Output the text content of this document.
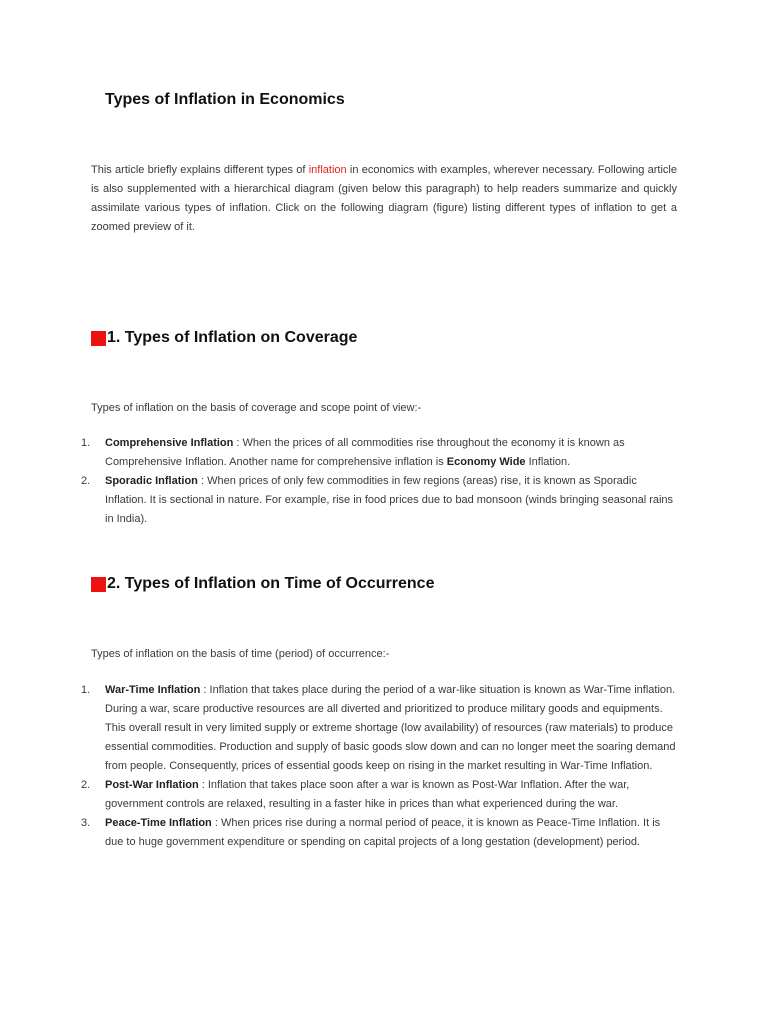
Types of Inflation in Economics

This article briefly explains different types of inflation in economics with examples, wherever necessary. Following article is also supplemented with a hierarchical diagram (given below this paragraph) to help readers summarize and quickly assimilate various types of inflation. Click on the following diagram (figure) listing different types of inflation to get a zoomed preview of it.

1. Types of Inflation on Coverage

Types of inflation on the basis of coverage and scope point of view:-

1. Comprehensive Inflation : When the prices of all commodities rise throughout the economy it is known as Comprehensive Inflation. Another name for comprehensive inflation is Economy Wide Inflation.
2. Sporadic Inflation : When prices of only few commodities in few regions (areas) rise, it is known as Sporadic Inflation. It is sectional in nature. For example, rise in food prices due to bad monsoon (winds bringing seasonal rains in India).
2. Types of Inflation on Time of Occurrence

Types of inflation on the basis of time (period) of occurrence:-

1. War-Time Inflation : Inflation that takes place during the period of a war-like situation is known as War-Time inflation. During a war, scare productive resources are all diverted and prioritized to produce military goods and equipments. This overall result in very limited supply or extreme shortage (low availability) of resources (raw materials) to produce essential commodities. Production and supply of basic goods slow down and can no longer meet the soaring demand from people. Consequently, prices of essential goods keep on rising in the market resulting in War-Time Inflation.
2. Post-War Inflation : Inflation that takes place soon after a war is known as Post-War Inflation. After the war, government controls are relaxed, resulting in a faster hike in prices than what experienced during the war.
3. Peace-Time Inflation : When prices rise during a normal period of peace, it is known as Peace-Time Inflation. It is due to huge government expenditure or spending on capital projects of a long gestation (development) period.
